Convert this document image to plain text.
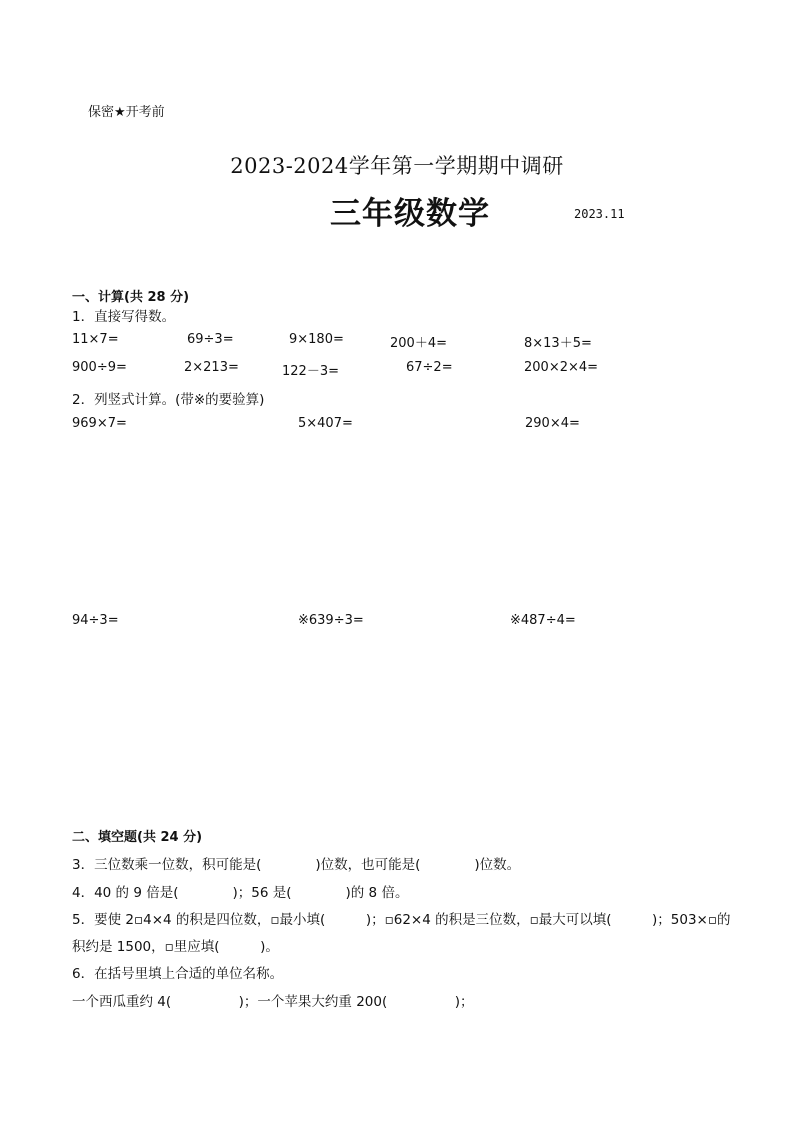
保密★开考前
2023-2024学年第一学期期中调研
三年级数学	2023.11
一、计算(共 28 分)
1．直接写得数。
11×7=	69÷3=	9×180=	200＋4=	8×13＋5=
900÷9=	2×213=	122－3=	67÷2=	200×2×4=
2．列竖式计算。(带※的要验算)
969×7=	5×407=	290×4=
94÷3=	※639÷3=	※487÷4=
二、填空题(共 24 分)
3．三位数乘一位数，积可能是(　　　　)位数，也可能是(　　　　)位数。
4．40 的 9 倍是(　　　　)；56 是(　　　　)的 8 倍。
5．要使 2▫4×4 的积是四位数，▫最小填(　　　)；▫62×4 的积是三位数，▫最大可以填(　　　)；503×▫的
积约是 1500，▫里应填(　　　)。
6．在括号里填上合适的单位名称。
一个西瓜重约 4(　　　　　)；一个苹果大约重 200(　　　　　)；
